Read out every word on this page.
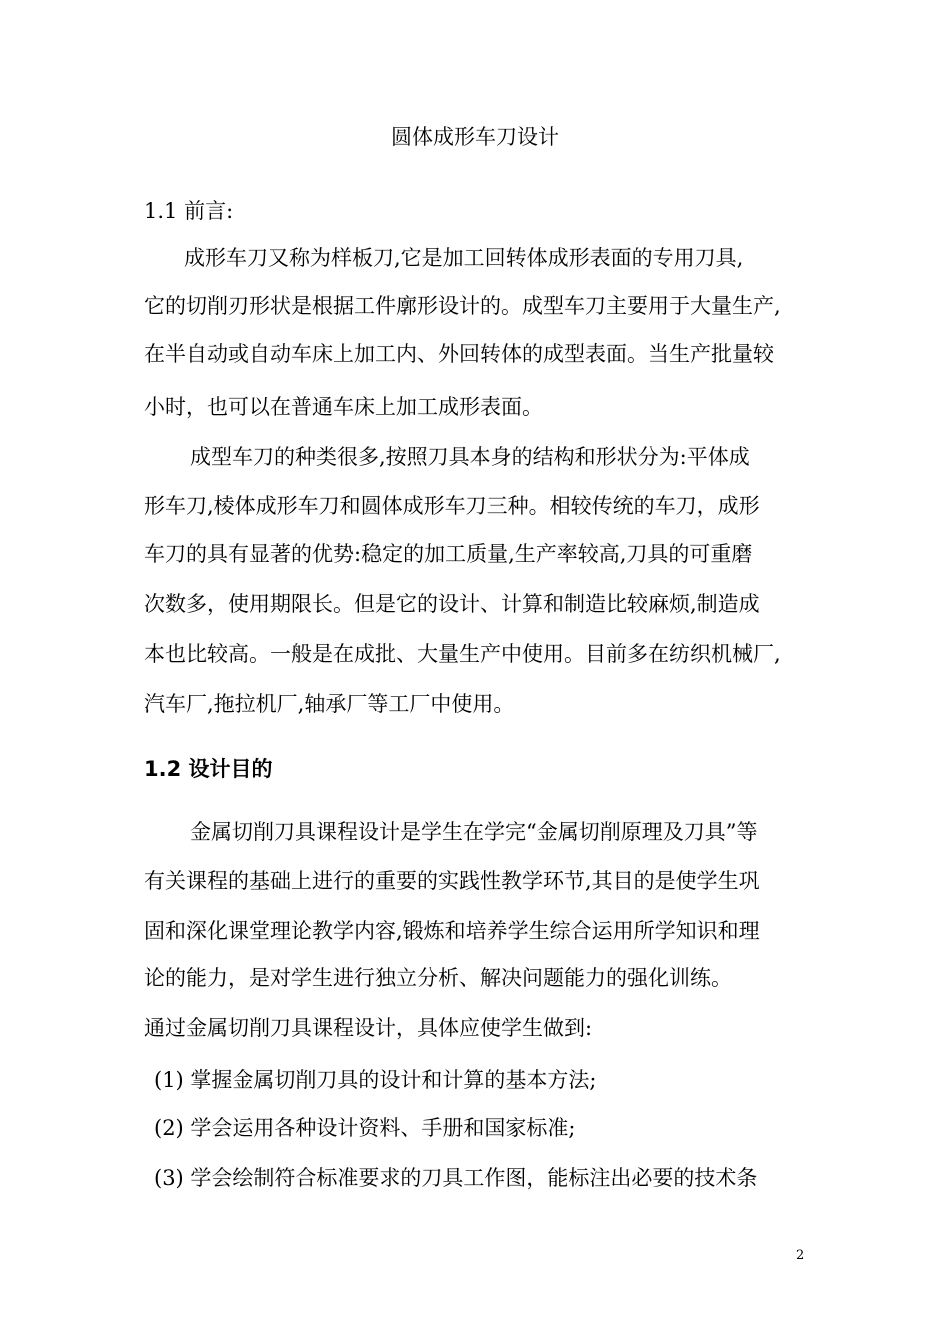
圆体成形车刀设计
1.1 前言:
成形车刀又称为样板刀,它是加工回转体成形表面的专用刀具,
它的切削刃形状是根据工件廓形设计的。成型车刀主要用于大量生产,
在半自动或自动车床上加工内、外回转体的成型表面。当生产批量较
小时，也可以在普通车床上加工成形表面。
成型车刀的种类很多,按照刀具本身的结构和形状分为:平体成
形车刀,棱体成形车刀和圆体成形车刀三种。相较传统的车刀，成形
车刀的具有显著的优势:稳定的加工质量,生产率较高,刀具的可重磨
次数多，使用期限长。但是它的设计、计算和制造比较麻烦,制造成
本也比较高。一般是在成批、大量生产中使用。目前多在纺织机械厂,
汽车厂,拖拉机厂,轴承厂等工厂中使用。
1.2 设计目的
金属切削刀具课程设计是学生在学完“金属切削原理及刀具”等
有关课程的基础上进行的重要的实践性教学环节,其目的是使学生巩
固和深化课堂理论教学内容,锻炼和培养学生综合运用所学知识和理
论的能力，是对学生进行独立分析、解决问题能力的强化训练。
通过金属切削刀具课程设计，具体应使学生做到:
(1) 掌握金属切削刀具的设计和计算的基本方法;
(2) 学会运用各种设计资料、手册和国家标准;
(3) 学会绘制符合标准要求的刀具工作图，能标注出必要的技术条
2
